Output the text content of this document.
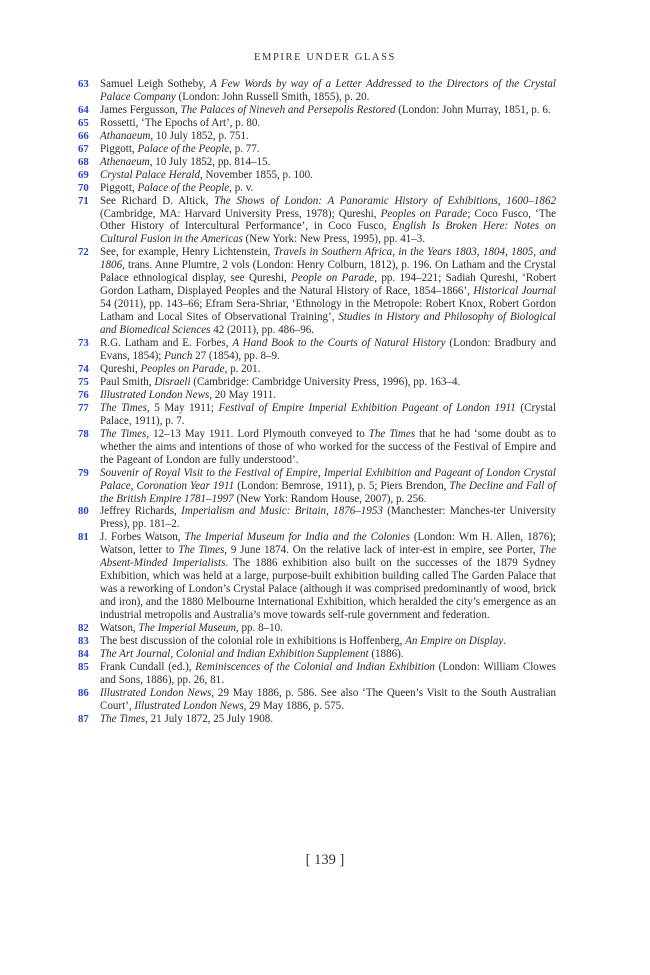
EMPIRE UNDER GLASS
63 Samuel Leigh Sotheby, A Few Words by way of a Letter Addressed to the Directors of the Crystal Palace Company (London: John Russell Smith, 1855), p. 20.
64 James Fergusson, The Palaces of Nineveh and Persepolis Restored (London: John Murray, 1851, p. 6.
65 Rossetti, ‘The Epochs of Art’, p. 80.
66 Athanaeum, 10 July 1852, p. 751.
67 Piggott, Palace of the People, p. 77.
68 Athenaeum, 10 July 1852, pp. 814–15.
69 Crystal Palace Herald, November 1855, p. 100.
70 Piggott, Palace of the People, p. v.
71 See Richard D. Altick, The Shows of London: A Panoramic History of Exhibitions, 1600–1862 (Cambridge, MA: Harvard University Press, 1978); Qureshi, Peoples on Parade; Coco Fusco, ‘The Other History of Intercultural Performance’, in Coco Fusco, English Is Broken Here: Notes on Cultural Fusion in the Americas (New York: New Press, 1995), pp. 41–3.
72 See, for example, Henry Lichtenstein, Travels in Southern Africa, in the Years 1803, 1804, 1805, and 1806, trans. Anne Plumtre, 2 vols (London: Henry Colburn, 1812), p. 196. On Latham and the Crystal Palace ethnological display, see Qureshi, People on Parade, pp. 194–221; Sadiah Qureshi, ‘Robert Gordon Latham, Displayed Peoples and the Natural History of Race, 1854–1866’, Historical Journal 54 (2011), pp. 143–66; Efram Sera-Shriar, ‘Ethnology in the Metropole: Robert Knox, Robert Gordon Latham and Local Sites of Observational Training’, Studies in History and Philosophy of Biological and Biomedical Sciences 42 (2011), pp. 486–96.
73 R.G. Latham and E. Forbes, A Hand Book to the Courts of Natural History (London: Bradbury and Evans, 1854); Punch 27 (1854), pp. 8–9.
74 Qureshi, Peoples on Parade, p. 201.
75 Paul Smith, Disraeli (Cambridge: Cambridge University Press, 1996), pp. 163–4.
76 Illustrated London News, 20 May 1911.
77 The Times, 5 May 1911; Festival of Empire Imperial Exhibition Pageant of London 1911 (Crystal Palace, 1911), p. 7.
78 The Times, 12–13 May 1911. Lord Plymouth conveyed to The Times that he had ‘some doubt as to whether the aims and intentions of those of who worked for the success of the Festival of Empire and the Pageant of London are fully understood’.
79 Souvenir of Royal Visit to the Festival of Empire, Imperial Exhibition and Pageant of London Crystal Palace, Coronation Year 1911 (London: Bemrose, 1911), p. 5; Piers Brendon, The Decline and Fall of the British Empire 1781–1997 (New York: Random House, 2007), p. 256.
80 Jeffrey Richards, Imperialism and Music: Britain, 1876–1953 (Manchester: Manches-ter University Press), pp. 181–2.
81 J. Forbes Watson, The Imperial Museum for India and the Colonies (London: Wm H. Allen, 1876); Watson, letter to The Times, 9 June 1874. On the relative lack of inter-est in empire, see Porter, The Absent-Minded Imperialists. The 1886 exhibition also built on the successes of the 1879 Sydney Exhibition, which was held at a large, purpose-built exhibition building called The Garden Palace that was a reworking of London’s Crystal Palace (although it was comprised predominantly of wood, brick and iron), and the 1880 Melbourne International Exhibition, which heralded the city’s emergence as an industrial metropolis and Australia’s move towards self-rule government and federation.
82 Watson, The Imperial Museum, pp. 8–10.
83 The best discussion of the colonial role in exhibitions is Hoffenberg, An Empire on Display.
84 The Art Journal, Colonial and Indian Exhibition Supplement (1886).
85 Frank Cundall (ed.), Reminiscences of the Colonial and Indian Exhibition (London: William Clowes and Sons, 1886), pp. 26, 81.
86 Illustrated London News, 29 May 1886, p. 586. See also ‘The Queen’s Visit to the South Australian Court’, Illustrated London News, 29 May 1886, p. 575.
87 The Times, 21 July 1872, 25 July 1908.
[ 139 ]
